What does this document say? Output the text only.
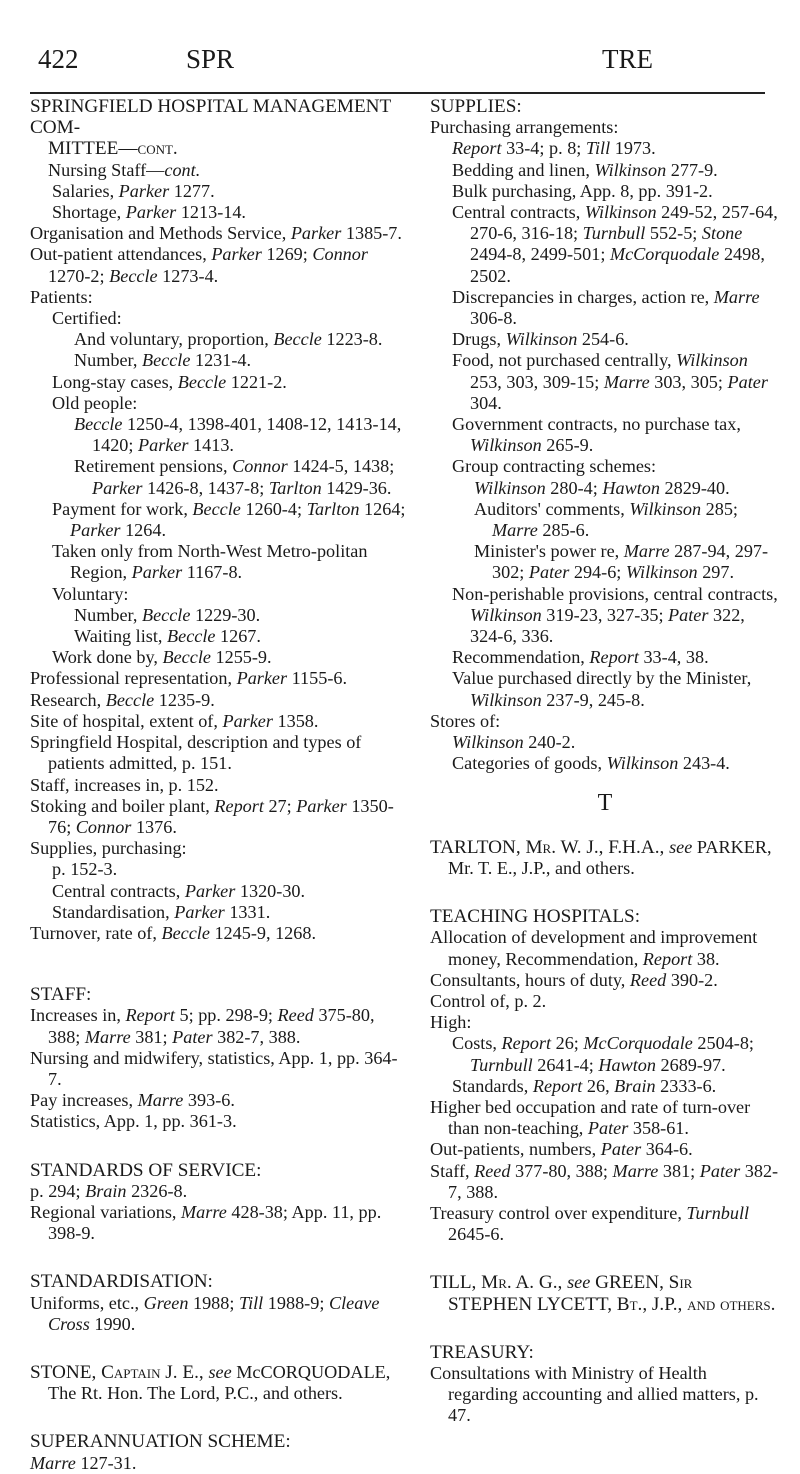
422	SPR	TRE
SPRINGFIELD HOSPITAL MANAGEMENT COM-
MITTEE—cont.
Nursing Staff—cont.
Salaries, Parker 1277.
Shortage, Parker 1213-14.
Organisation and Methods Service, Parker 1385-7.
Out-patient attendances, Parker 1269; Connor 1270-2; Beccle 1273-4.
Patients:
Certified:
And voluntary, proportion, Beccle 1223-8.
Number, Beccle 1231-4.
Long-stay cases, Beccle 1221-2.
Old people:
Beccle 1250-4, 1398-401, 1408-12, 1413-14, 1420; Parker 1413.
Retirement pensions, Connor 1424-5, 1438; Parker 1426-8, 1437-8; Tarlton 1429-36.
Payment for work, Beccle 1260-4; Tarlton 1264; Parker 1264.
Taken only from North-West Metro-politan Region, Parker 1167-8.
Voluntary:
Number, Beccle 1229-30.
Waiting list, Beccle 1267.
Work done by, Beccle 1255-9.
Professional representation, Parker 1155-6.
Research, Beccle 1235-9.
Site of hospital, extent of, Parker 1358.
Springfield Hospital, description and types of patients admitted, p. 151.
Staff, increases in, p. 152.
Stoking and boiler plant, Report 27; Parker 1350-76; Connor 1376.
Supplies, purchasing:
p. 152-3.
Central contracts, Parker 1320-30.
Standardisation, Parker 1331.
Turnover, rate of, Beccle 1245-9, 1268.
STAFF:
Increases in, Report 5; pp. 298-9; Reed 375-80, 388; Marre 381; Pater 382-7, 388.
Nursing and midwifery, statistics, App. 1, pp. 364-7.
Pay increases, Marre 393-6.
Statistics, App. 1, pp. 361-3.
STANDARDS OF SERVICE:
p. 294; Brain 2326-8.
Regional variations, Marre 428-38; App. 11, pp. 398-9.
STANDARDISATION:
Uniforms, etc., Green 1988; Till 1988-9; Cleave Cross 1990.
STONE, Captain J. E., see McCORQUODALE, The Rt. Hon. The Lord, P.C., and others.
SUPERANNUATION SCHEME:
Marre 127-31.
SUPPLIES:
Purchasing arrangements:
Report 33-4; p. 8; Till 1973.
Bedding and linen, Wilkinson 277-9.
Bulk purchasing, App. 8, pp. 391-2.
Central contracts, Wilkinson 249-52, 257-64, 270-6, 316-18; Turnbull 552-5; Stone 2494-8, 2499-501; McCorquodale 2498, 2502.
Discrepancies in charges, action re, Marre 306-8.
Drugs, Wilkinson 254-6.
Food, not purchased centrally, Wilkinson 253, 303, 309-15; Marre 303, 305; Pater 304.
Government contracts, no purchase tax, Wilkinson 265-9.
Group contracting schemes:
Wilkinson 280-4; Hawton 2829-40.
Auditors' comments, Wilkinson 285; Marre 285-6.
Minister's power re, Marre 287-94, 297-302; Pater 294-6; Wilkinson 297.
Non-perishable provisions, central contracts, Wilkinson 319-23, 327-35; Pater 322, 324-6, 336.
Recommendation, Report 33-4, 38.
Value purchased directly by the Minister, Wilkinson 237-9, 245-8.
Stores of:
Wilkinson 240-2.
Categories of goods, Wilkinson 243-4.
T
TARLTON, Mr. W. J., F.H.A., see PARKER, Mr. T. E., J.P., and others.
TEACHING HOSPITALS:
Allocation of development and improvement money, Recommendation, Report 38.
Consultants, hours of duty, Reed 390-2.
Control of, p. 2.
High:
Costs, Report 26; McCorquodale 2504-8; Turnbull 2641-4; Hawton 2689-97.
Standards, Report 26, Brain 2333-6.
Higher bed occupation and rate of turn-over than non-teaching, Pater 358-61.
Out-patients, numbers, Pater 364-6.
Staff, Reed 377-80, 388; Marre 381; Pater 382-7, 388.
Treasury control over expenditure, Turnbull 2645-6.
TILL, Mr. A. G., see GREEN, Sir STEPHEN LYCETT, Bt., J.P., and others.
TREASURY:
Consultations with Ministry of Health regarding accounting and allied matters, p. 47.
